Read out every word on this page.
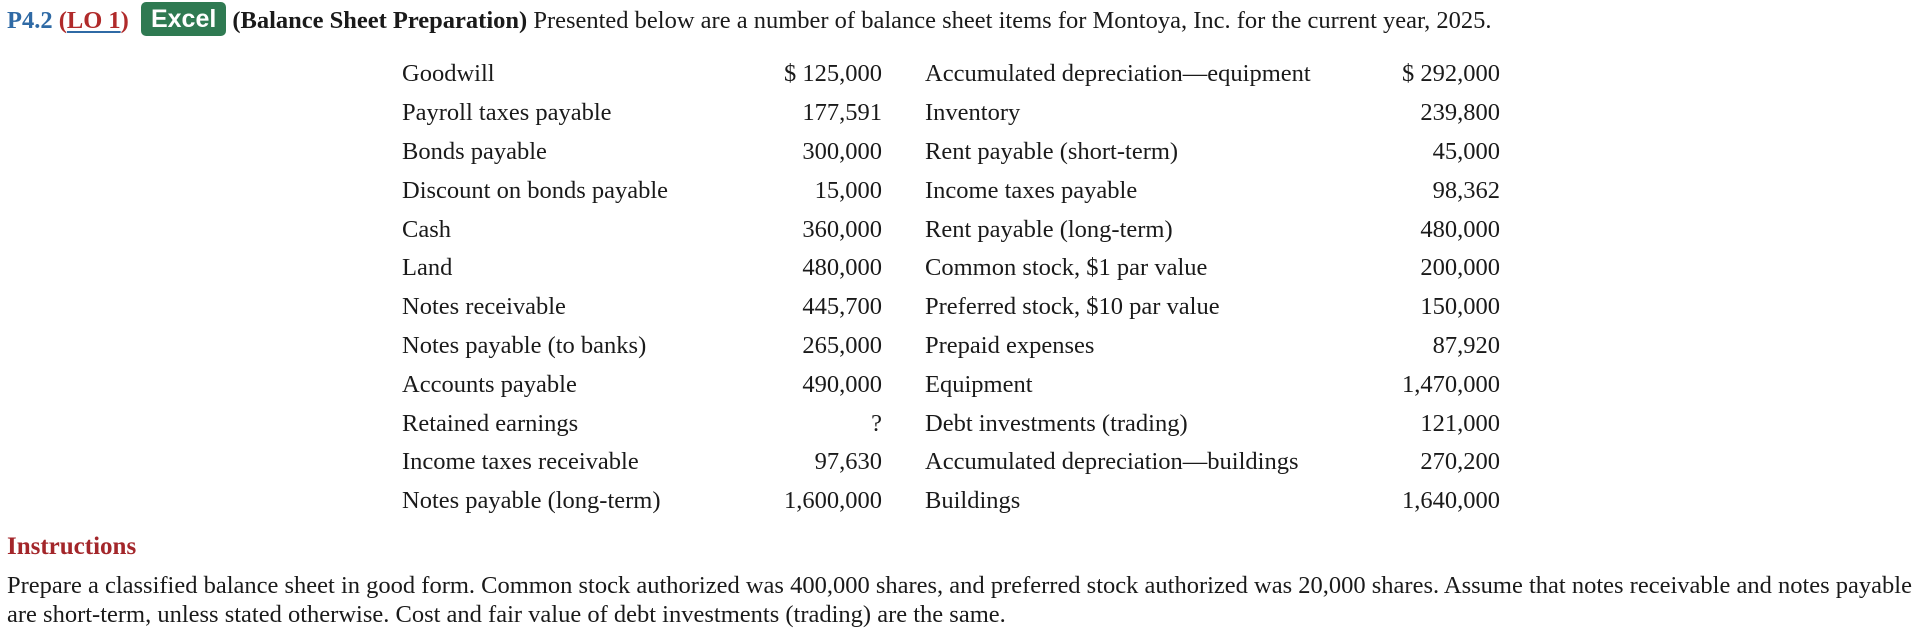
P4.2 (LO 1) Excel (Balance Sheet Preparation) Presented below are a number of balance sheet items for Montoya, Inc. for the current year, 2025.
Goodwill	$ 125,000		Accumulated depreciation—equipment	$ 292,000
Payroll taxes payable	177,591		Inventory	239,800
Bonds payable	300,000		Rent payable (short-term)	45,000
Discount on bonds payable	15,000		Income taxes payable	98,362
Cash	360,000		Rent payable (long-term)	480,000
Land	480,000		Common stock, $1 par value	200,000
Notes receivable	445,700		Preferred stock, $10 par value	150,000
Notes payable (to banks)	265,000		Prepaid expenses	87,920
Accounts payable	490,000		Equipment	1,470,000
Retained earnings	?		Debt investments (trading)	121,000
Income taxes receivable	97,630		Accumulated depreciation—buildings	270,200
Notes payable (long-term)	1,600,000		Buildings	1,640,000
Instructions
Prepare a classified balance sheet in good form. Common stock authorized was 400,000 shares, and preferred stock authorized was 20,000 shares. Assume that notes receivable and notes payable are short-term, unless stated otherwise. Cost and fair value of debt investments (trading) are the same.
